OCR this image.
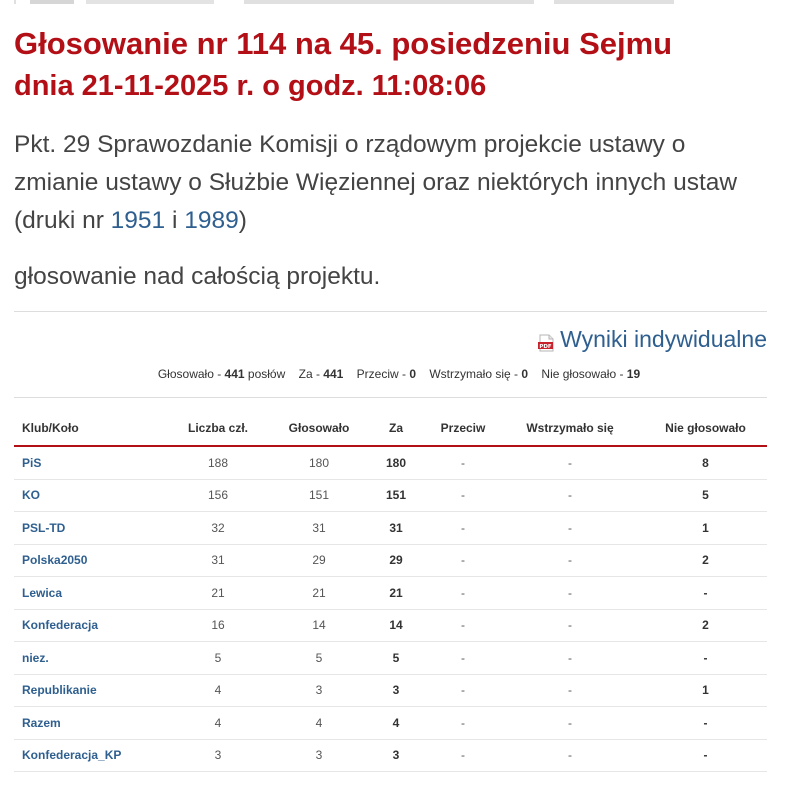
Głosowanie nr 114 na 45. posiedzeniu Sejmu
dnia 21-11-2025 r. o godz. 11:08:06

Pkt. 29 Sprawozdanie Komisji o rządowym projekcie ustawy o zmianie ustawy o Służbie Więziennej oraz niektórych innych ustaw (druki nr 1951 i 1989)

głosowanie nad całością projektu.

PDF Wyniki indywidualne
Głosowało - 441 posłów Za - 441 Przeciw - 0 Wstrzymało się - 0 Nie głosowało - 19
Klub/Koło	Liczba czł.	Głosowało	Za	Przeciw	Wstrzymało się	Nie głosowało
PiS	188	180	180	-	-	8
KO	156	151	151	-	-	5
PSL-TD	32	31	31	-	-	1
Polska2050	31	29	29	-	-	2
Lewica	21	21	21	-	-	-
Konfederacja	16	14	14	-	-	2
niez.	5	5	5	-	-	-
Republikanie	4	3	3	-	-	1
Razem	4	4	4	-	-	-
Konfederacja_KP	3	3	3	-	-	-
